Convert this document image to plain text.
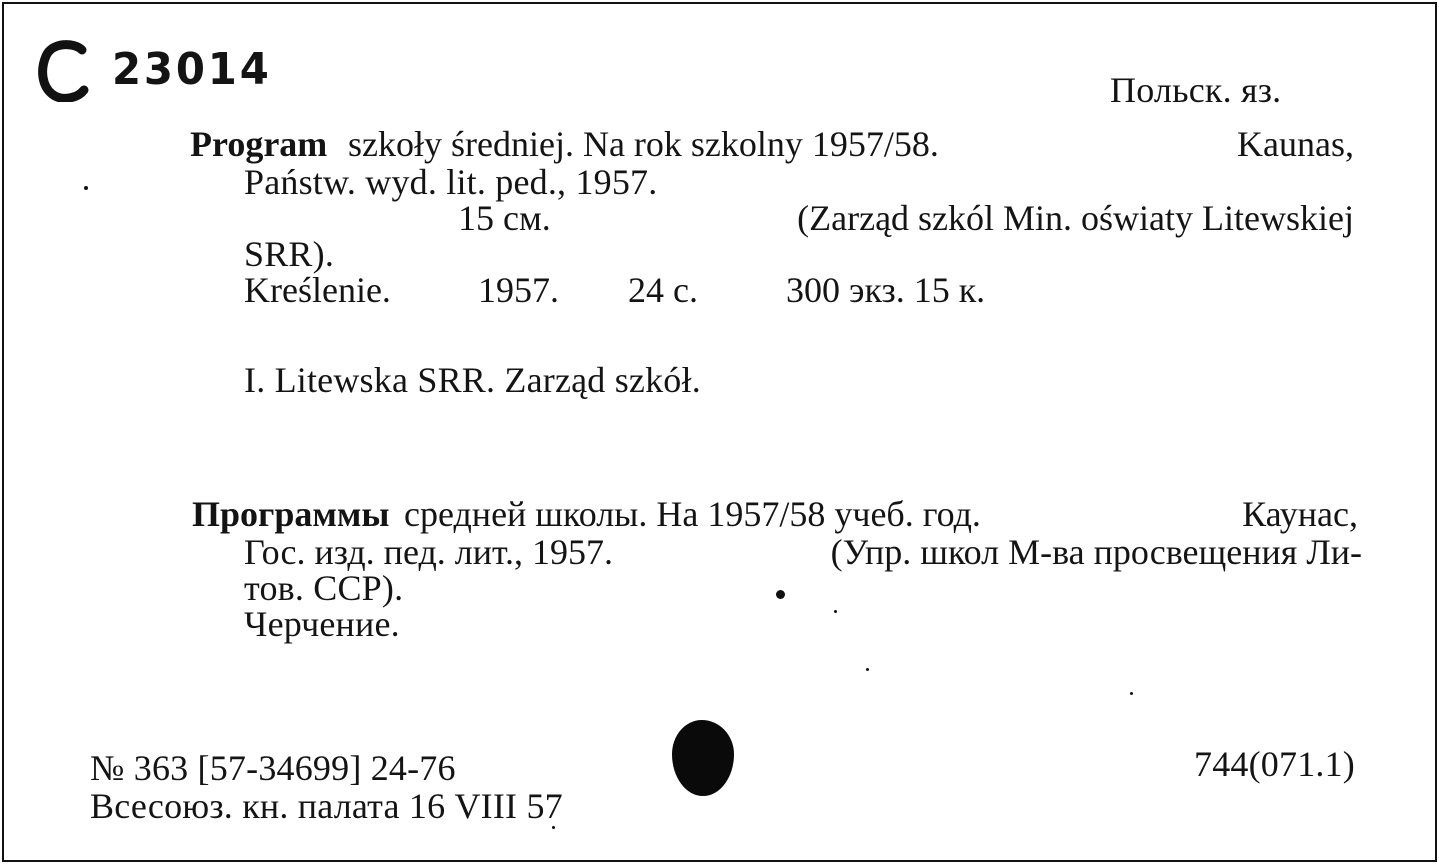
23014	Польск. яз.
Program szkoły średniej. Na rok szkolny 1957/58.	Kaunas,
Państw. wyd. lit. ped., 1957.
15 см.	(Zarząd szkól Min. oświaty Litewskiej
SRR).
Kreślenie. 1957. 24 с. 300 экз. 15 к.
I. Litewska SRR. Zarząd szkół.
Программы средней школы. На 1957/58 учеб. год.	Каунас,
Гос. изд. пед. лит., 1957.	(Упр. школ М-ва просвещения Ли-
тов. ССР).
Черчение.
№ 363 [57-34699] 24-76
Всесоюз. кн. палата 16 VIII 57
744(071.1)
